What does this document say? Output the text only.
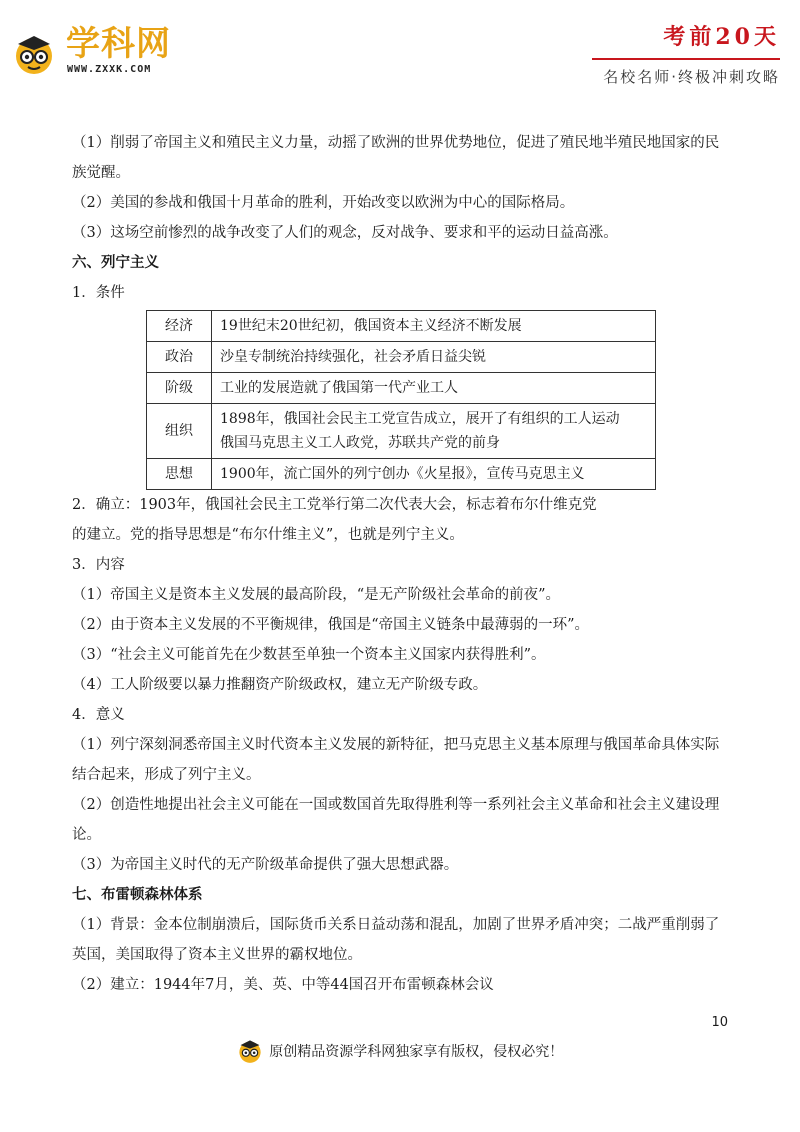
学科网
WWW.ZXXK.COM
考前20天
名校名师·终极冲刺攻略

（1）削弱了帝国主义和殖民主义力量，动摇了欧洲的世界优势地位，促进了殖民地半殖民地国家的民族觉醒。

（2）美国的参战和俄国十月革命的胜利，开始改变以欧洲为中心的国际格局。

（3）这场空前惨烈的战争改变了人们的观念，反对战争、要求和平的运动日益高涨。

六、列宁主义

1．条件

经济	19世纪末20世纪初，俄国资本主义经济不断发展
政治	沙皇专制统治持续强化，社会矛盾日益尖锐
阶级	工业的发展造就了俄国第一代产业工人
组织	1898年，俄国社会民主工党宣告成立，展开了有组织的工人运动
俄国马克思主义工人政党，苏联共产党的前身

思想	1900年，流亡国外的列宁创办《火星报》，宣传马克思主义

2．确立：1903年，俄国社会民主工党举行第二次代表大会，标志着布尔什维克党

的建立。党的指导思想是“布尔什维主义”，也就是列宁主义。

3．内容

（1）帝国主义是资本主义发展的最高阶段，“是无产阶级社会革命的前夜”。

（2）由于资本主义发展的不平衡规律，俄国是“帝国主义链条中最薄弱的一环”。

（3）“社会主义可能首先在少数甚至单独一个资本主义国家内获得胜利”。

（4）工人阶级要以暴力推翻资产阶级政权，建立无产阶级专政。

4．意义

（1）列宁深刻洞悉帝国主义时代资本主义发展的新特征，把马克思主义基本原理与俄国革命具体实际结合起来，形成了列宁主义。

（2）创造性地提出社会主义可能在一国或数国首先取得胜利等一系列社会主义革命和社会主义建设理论。

（3）为帝国主义时代的无产阶级革命提供了强大思想武器。

七、布雷顿森林体系

（1）背景：金本位制崩溃后，国际货币关系日益动荡和混乱，加剧了世界矛盾冲突；二战严重削弱了英国，美国取得了资本主义世界的霸权地位。

（2）建立：1944年7月，美、英、中等44国召开布雷顿森林会议

10
原创精品资源学科网独家享有版权，侵权必究！
